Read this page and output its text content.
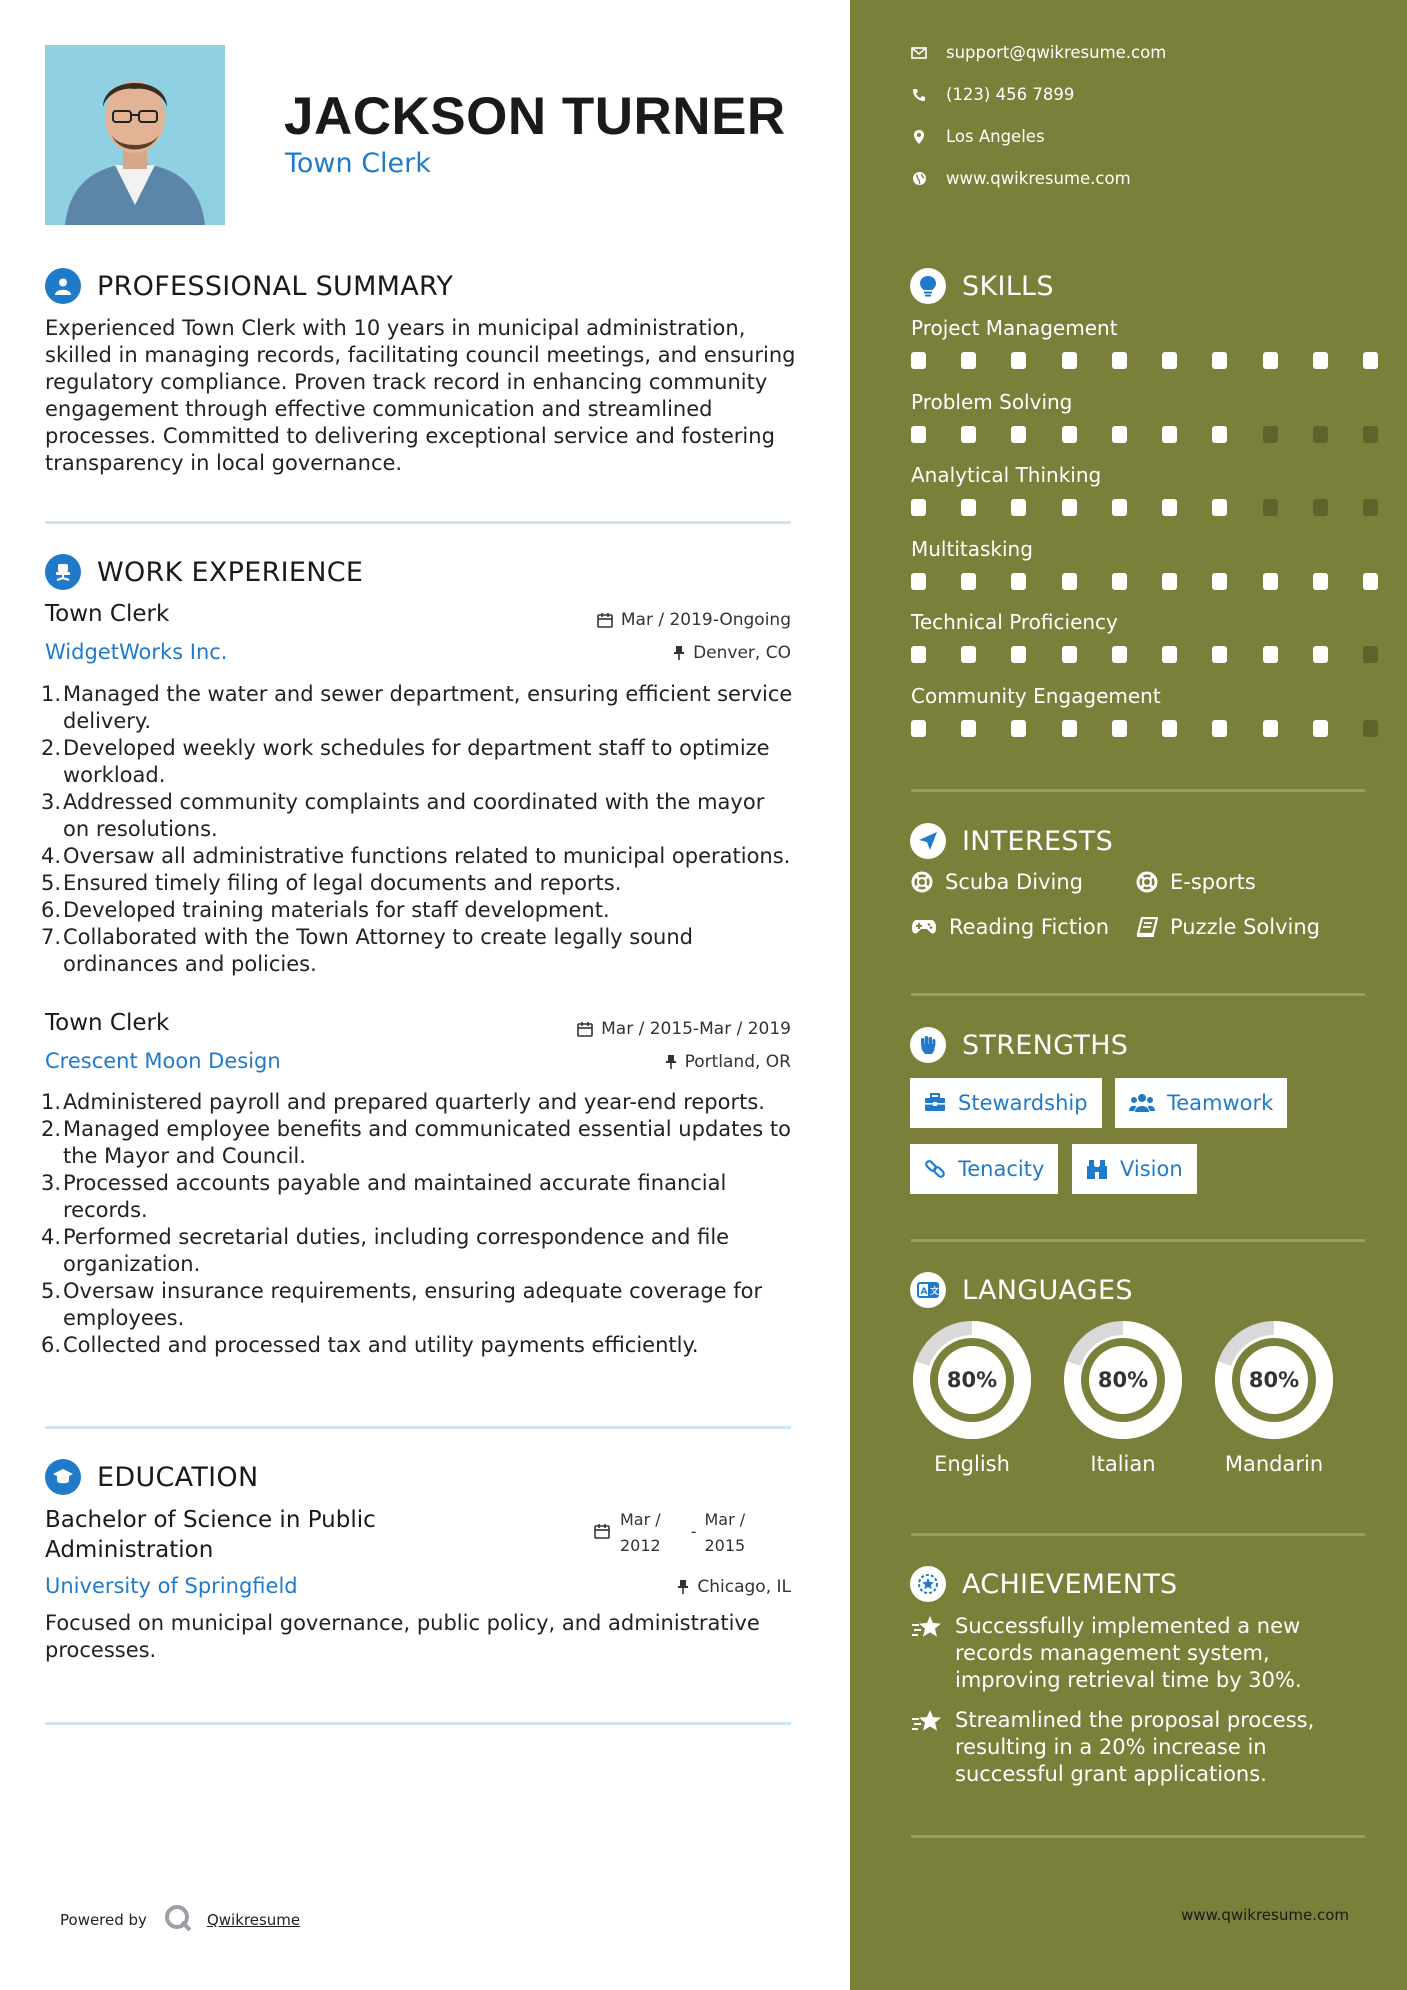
JACKSON TURNER
Town Clerk
PROFESSIONAL SUMMARY
Experienced Town Clerk with 10 years in municipal administration, skilled in managing records, facilitating council meetings, and ensuring regulatory compliance. Proven track record in enhancing community engagement through effective communication and streamlined processes. Committed to delivering exceptional service and fostering transparency in local governance.
WORK EXPERIENCE
Town Clerk	Mar / 2019-Ongoing
WidgetWorks Inc.	Denver, CO
1. Managed the water and sewer department, ensuring efficient service delivery.
2. Developed weekly work schedules for department staff to optimize workload.
3. Addressed community complaints and coordinated with the mayor on resolutions.
4. Oversaw all administrative functions related to municipal operations.
5. Ensured timely filing of legal documents and reports.
6. Developed training materials for staff development.
7. Collaborated with the Town Attorney to create legally sound ordinances and policies.
Town Clerk	Mar / 2015-Mar / 2019
Crescent Moon Design	Portland, OR
1. Administered payroll and prepared quarterly and year-end reports.
2. Managed employee benefits and communicated essential updates to the Mayor and Council.
3. Processed accounts payable and maintained accurate financial records.
4. Performed secretarial duties, including correspondence and file organization.
5. Oversaw insurance requirements, ensuring adequate coverage for employees.
6. Collected and processed tax and utility payments efficiently.
EDUCATION
Bachelor of Science in Public
Administration
Mar /
2012
-
Mar /
2015
University of Springfield	Chicago, IL
Focused on municipal governance, public policy, and administrative processes.
Powered by	Qwikresume
support@qwikresume.com
(123) 456 7899
Los Angeles
www.qwikresume.com
SKILLS
Project Management
Problem Solving
Analytical Thinking
Multitasking
Technical Proficiency
Community Engagement
INTERESTS
Scuba Diving	E-sports
Reading Fiction	Puzzle Solving
STRENGTHS
Stewardship	Teamwork
Tenacity	Vision
A 文 LANGUAGES
80%
English
80%
Italian
80%
Mandarin
ACHIEVEMENTS
Successfully implemented a new records management system, improving retrieval time by 30%.
Streamlined the proposal process, resulting in a 20% increase in successful grant applications.
www.qwikresume.com
